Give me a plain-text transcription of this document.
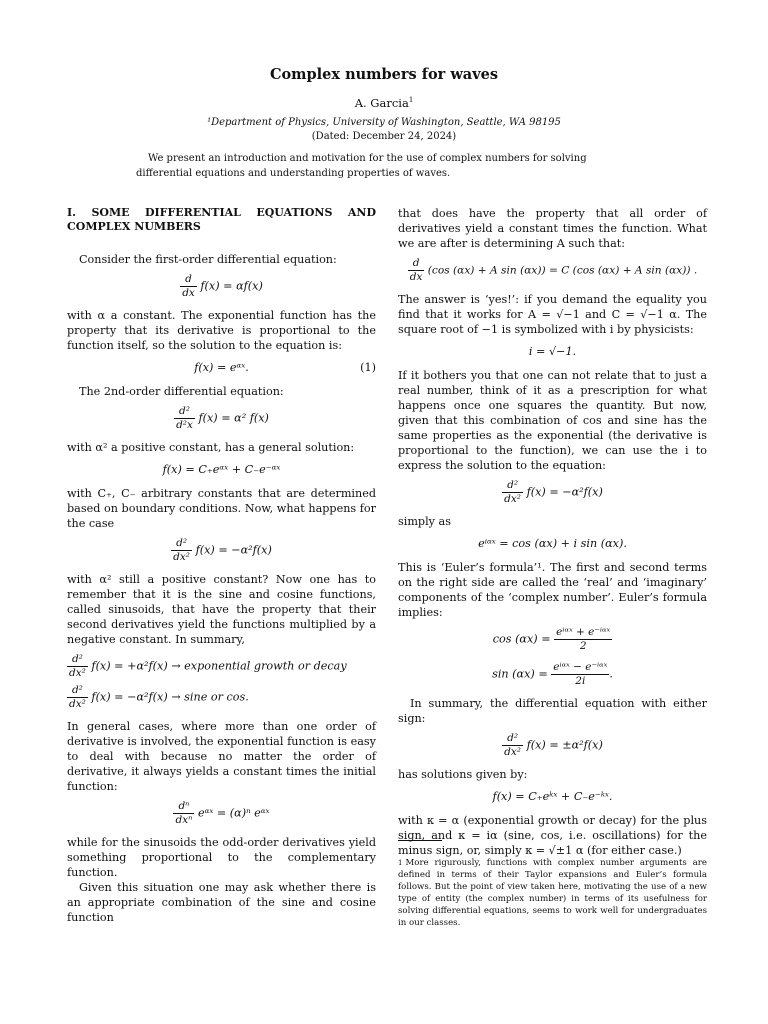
Complex numbers for waves
A. Garcia$^1$
¹Department of Physics, University of Washington, Seattle, WA 98195
(Dated: December 24, 2024)
We present an introduction and motivation for the use of complex numbers for solving differential equations and understanding properties of waves.

I. SOME DIFFERENTIAL EQUATIONS AND COMPLEX NUMBERS

Consider the first-order differential equation:

$\frac{d}{dx} f(x) = \alpha f(x)$

with α a constant. The exponential function has the property that its derivative is proportional to the function itself, so the solution to the equation is:

f(x) = eᵅˣ.	(1)

The 2nd-order differential equation:

$\frac{\text{d²}}{\text{d²x}} f(x) = \alpha^2$ f(x)

with α² a positive constant, has a general solution:

f(x) = C₊eᵅˣ + C₋e⁻ᵅˣ

with C₊, C₋ arbitrary constants that are determined based on boundary conditions. Now, what happens for the case

$\frac{\text{d²}}{\text{dx²}} f(x) = -\alpha^2f(x)$

with α² still a positive constant? Now one has to remember that it is the sine and cosine functions, called sinusoids, that have the property that their second derivatives yield the functions multiplied by a negative constant. In summary,

$\frac{\text{d²}}{\text{dx²}} f(x) = +\alpha^2f(x)$ → exponential growth or decay
$\frac{\text{d²}}{\text{dx²}} f(x) = -\alpha^2f(x) \to \sin e$ or cos.

In general cases, where more than one order of derivative is involved, the exponential function is easy to deal with because no matter the order of derivative, it always yields a constant times the initial function:

$\frac{\text{dⁿ}}{\text{dxⁿ}}$ eᵅˣ = (α)ⁿ eᵅˣ

while for the sinusoids the odd-order derivatives yield something proportional to the complementary function.

Given this situation one may ask whether there is an appropriate combination of the sine and cosine function

that does have the property that all order of derivatives yield a constant times the function. What we are after is determining A such that:

$\frac{d}{dx} (\cos$ (αx) + A sin (αx)) = C (cos (αx) + A sin (αx)) .

The answer is ‘yes!’: if you demand the equality you find that it works for A = √−1 and C = √−1 α. The square root of −1 is symbolized with i by physicists:

i = √−1.

If it bothers you that one can not relate that to just a real number, think of it as a prescription for what happens once one squares the quantity. But now, given that this combination of cos and sine has the same properties as the exponential (the derivative is proportional to the function), we can use the i to express the solution to the equation:

$\frac{\text{d²}}{\text{dx²}} f(x) = -\alpha^2f(x)$

simply as

eⁱᵅˣ = cos (αx) + i sin (αx).

This is ‘Euler’s formula’¹. The first and second terms on the right side are called the ‘real’ and ‘imaginary’ components of the ‘complex number’. Euler’s formula implies:

$\cos (\alpha x) = \frac{\text{eⁱᵅˣ + e⁻ⁱᵅˣ}}{2}$
$\sin (\alpha x) = \frac{\text{eⁱᵅˣ − e⁻ⁱᵅˣ}}{2i}$ .

In summary, the differential equation with either sign:

$\frac{\text{d²}}{\text{dx²}} f(x) = \pm\alpha^2f(x)$

has solutions given by:

f(x) = C₊eᵏˣ + C₋e⁻ᵏˣ.

with κ = α (exponential growth or decay) for the plus sign, and κ = iα (sine, cos, i.e. oscillations) for the minus sign, or, simply κ = √±1 α (for either case.)

$^1$ More rigurously, functions with complex number arguments are defined in terms of their Taylor expansions and Euler’s formula follows. But the point of view taken here, motivating the use of a new type of entity (the complex number) in terms of its usefulness for solving differential equations, seems to work well for undergraduates in our classes.
